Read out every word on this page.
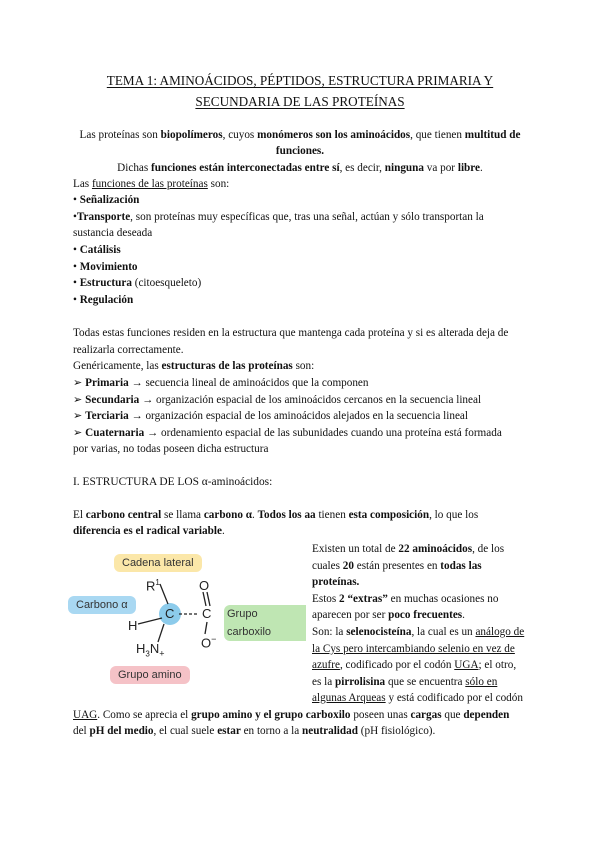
TEMA 1: AMINOÁCIDOS, PÉPTIDOS, ESTRUCTURA PRIMARIA Y
SECUNDARIA DE LAS PROTEÍNAS
Las proteínas son biopolímeros, cuyos monómeros son los aminoácidos, que tienen multitud de
funciones.
Dichas funciones están interconectadas entre sí, es decir, ninguna va por libre.
Las funciones de las proteínas son:
• Señalización
•Transporte, son proteínas muy específicas que, tras una señal, actúan y sólo transportan la
sustancia deseada
• Catálisis
• Movimiento
• Estructura (citoesqueleto)
• Regulación
Todas estas funciones residen en la estructura que mantenga cada proteína y si es alterada deja de
realizarla correctamente.
Genéricamente, las estructuras de las proteínas son:
➢ Primaria → secuencia lineal de aminoácidos que la componen
➢ Secundaria → organización espacial de los aminoácidos cercanos en la secuencia lineal
➢ Terciaria → organización espacial de los aminoácidos alejados en la secuencia lineal
➢ Cuaternaria → ordenamiento espacial de las subunidades cuando una proteína está formada
por varias, no todas poseen dicha estructura
I. ESTRUCTURA DE LOS α-aminoácidos:
El carbono central se llama carbono α. Todos los aa tienen esta composición, lo que los
diferencia es el radical variable.
Cadena lateral
Carbono α
Grupo carboxilo
Grupo amino
$R^1$
H
C C
O
O−
$H_3N_+$
Existen un total de 22 aminoácidos, de los
cuales 20 están presentes en todas las
proteínas.
Estos 2 “extras” en muchas ocasiones no
aparecen por ser poco frecuentes.
Son: la selenocisteína, la cual es un análogo de
la Cys pero intercambiando selenio en vez de
azufre, codificado por el codón UGA; el otro,
es la pirrolisina que se encuentra sólo en
algunas Arqueas y está codificado por el codón
UAG. Como se aprecia el grupo amino y el grupo carboxilo poseen unas cargas que dependen
del pH del medio, el cual suele estar en torno a la neutralidad (pH fisiológico).
